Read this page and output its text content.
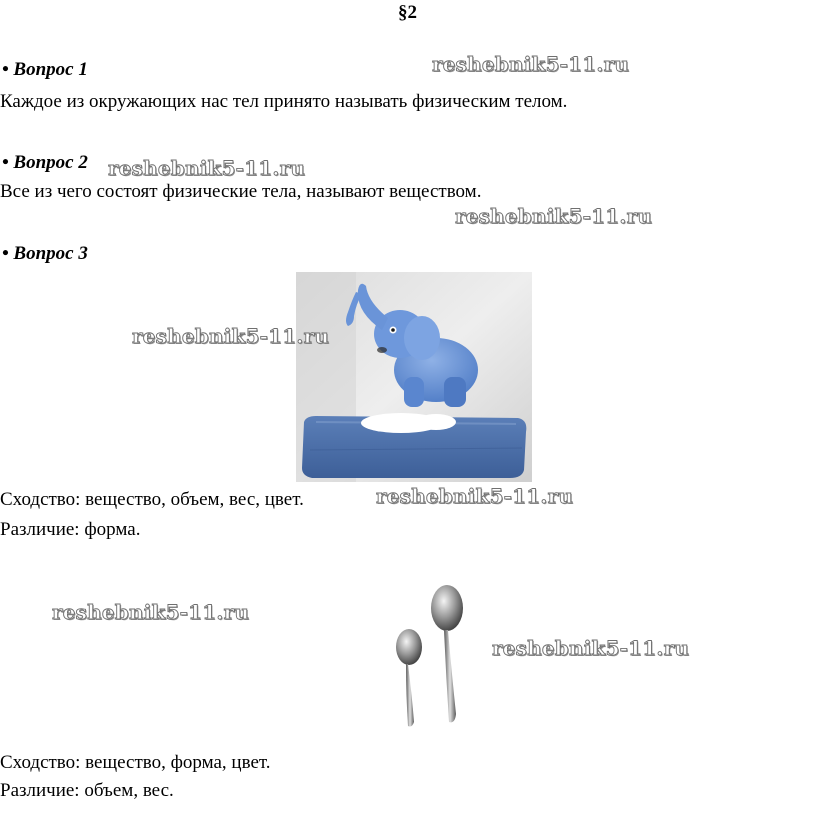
§2
• Вопрос 1
Каждое из окружающих нас тел принято называть физическим телом.
• Вопрос 2
Все из чего состоят физические тела, называют веществом.
• Вопрос 3
Сходство: вещество, объем, вес, цвет.
Различие: форма.
Сходство: вещество, форма, цвет.
Различие: объем, вес.
reshebnik5-11.ru
reshebnik5-11.ru
reshebnik5-11.ru
reshebnik5-11.ru
reshebnik5-11.ru
reshebnik5-11.ru
reshebnik5-11.ru
